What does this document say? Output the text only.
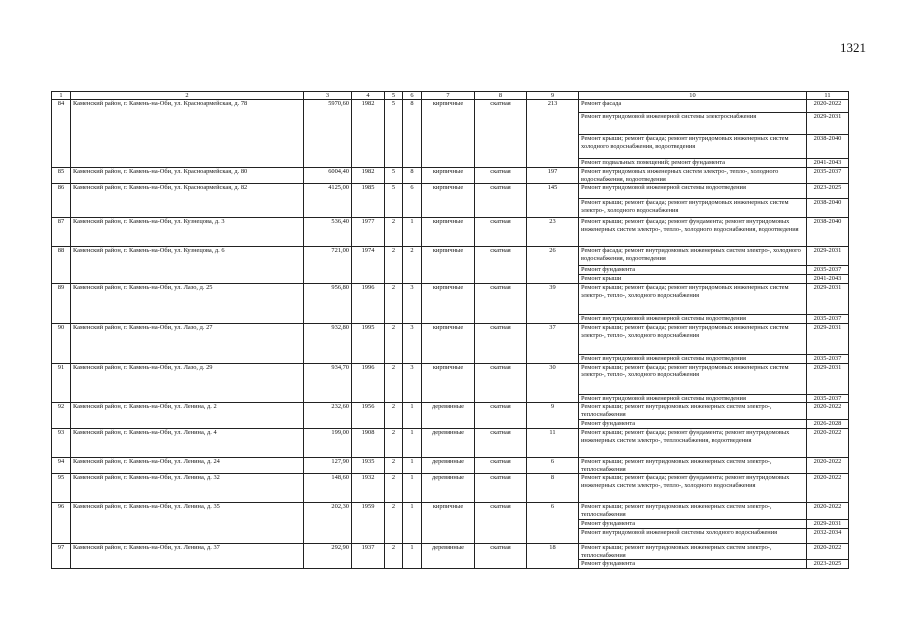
1321
1	2	3	4	5	6	7	8	9	10	11
84	Каменский район, г. Камень-на-Оби, ул. Красноармейская, д. 78	5970,60	1982	5	8	кирпичные	скатная	213	Ремонт фасада	2020-2022
									Ремонт внутридомовой инженерной системы электроснабжения	2029-2031
									Ремонт крыши; ремонт фасада; ремонт внутридомовых инженерных систем холодного водоснабжения, водоотведения	2038-2040
									Ремонт подвальных помещений; ремонт фундамента	2041-2043
85	Каменский район, г. Камень-на-Оби, ул. Красноармейская, д. 80	6004,40	1982	5	8	кирпичные	скатная	197	Ремонт внутридомовых инженерных систем электро-, тепло-, холодного водоснабжения, водоотведения	2035-2037
86	Каменский район, г. Камень-на-Оби, ул. Красноармейская, д. 82	4125,00	1985	5	6	кирпичные	скатная	145	Ремонт внутридомовой инженерной системы водоотведения	2023-2025
									Ремонт крыши; ремонт фасада; ремонт внутридомовых инженерных систем электро-, холодного водоснабжения	2038-2040
87	Каменский район, г. Камень-на-Оби, ул. Кузнецова, д. 3	536,40	1977	2	1	кирпичные	скатная	23	Ремонт крыши; ремонт фасада; ремонт фундамента; ремонт внутридомовых инженерных систем электро-, тепло-, холодного водоснабжения, водоотведения	2038-2040
88	Каменский район, г. Камень-на-Оби, ул. Кузнецова, д. 6	721,00	1974	2	2	кирпичные	скатная	26	Ремонт фасада; ремонт внутридомовых инженерных систем электро-, холодного водоснабжения, водоотведения	2029-2031
									Ремонт фундамента	2035-2037
									Ремонт крыши	2041-2043
89	Каменский район, г. Камень-на-Оби, ул. Лазо, д. 25	956,80	1996	2	3	кирпичные	скатная	39	Ремонт крыши; ремонт фасада; ремонт внутридомовых инженерных систем электро-, тепло-, холодного водоснабжения	2029-2031
									Ремонт внутридомовой инженерной системы водоотведения	2035-2037
90	Каменский район, г. Камень-на-Оби, ул. Лазо, д. 27	932,80	1995	2	3	кирпичные	скатная	37	Ремонт крыши; ремонт фасада; ремонт внутридомовых инженерных систем электро-, тепло-, холодного водоснабжения	2029-2031
									Ремонт внутридомовой инженерной системы водоотведения	2035-2037
91	Каменский район, г. Камень-на-Оби, ул. Лазо, д. 29	934,70	1996	2	3	кирпичные	скатная	30	Ремонт крыши; ремонт фасада; ремонт внутридомовых инженерных систем электро-, тепло-, холодного водоснабжения	2029-2031
									Ремонт внутридомовой инженерной системы водоотведения	2035-2037
92	Каменский район, г. Камень-на-Оби, ул. Ленина, д. 2	232,60	1956	2	1	деревянные	скатная	9	Ремонт крыши; ремонт внутридомовых инженерных систем электро-, теплоснабжения	2020-2022
									Ремонт фундамента	2026-2028
93	Каменский район, г. Камень-на-Оби, ул. Ленина, д. 4	199,00	1908	2	1	деревянные	скатная	11	Ремонт крыши; ремонт фасада; ремонт фундамента; ремонт внутридомовых инженерных систем электро-, теплоснабжения, водоотведения	2020-2022
94	Каменский район, г. Камень-на-Оби, ул. Ленина, д. 24	127,90	1935	2	1	деревянные	скатная	6	Ремонт крыши; ремонт внутридомовых инженерных систем электро-, теплоснабжения	2020-2022
95	Каменский район, г. Камень-на-Оби, ул. Ленина, д. 32	148,60	1932	2	1	деревянные	скатная	8	Ремонт крыши; ремонт фасада; ремонт фундамента; ремонт внутридомовых инженерных систем электро-, тепло-, холодного водоснабжения	2020-2022
96	Каменский район, г. Камень-на-Оби, ул. Ленина, д. 35	202,30	1959	2	1	кирпичные	скатная	6	Ремонт крыши; ремонт внутридомовых инженерных систем электро-, теплоснабжения	2020-2022
									Ремонт фундамента	2029-2031
									Ремонт внутридомовой инженерной системы холодного водоснабжения	2032-2034
97	Каменский район, г. Камень-на-Оби, ул. Ленина, д. 37	292,90	1937	2	1	деревянные	скатная	18	Ремонт крыши; ремонт внутридомовых инженерных систем электро-, теплоснабжения	2020-2022
									Ремонт фундамента	2023-2025
